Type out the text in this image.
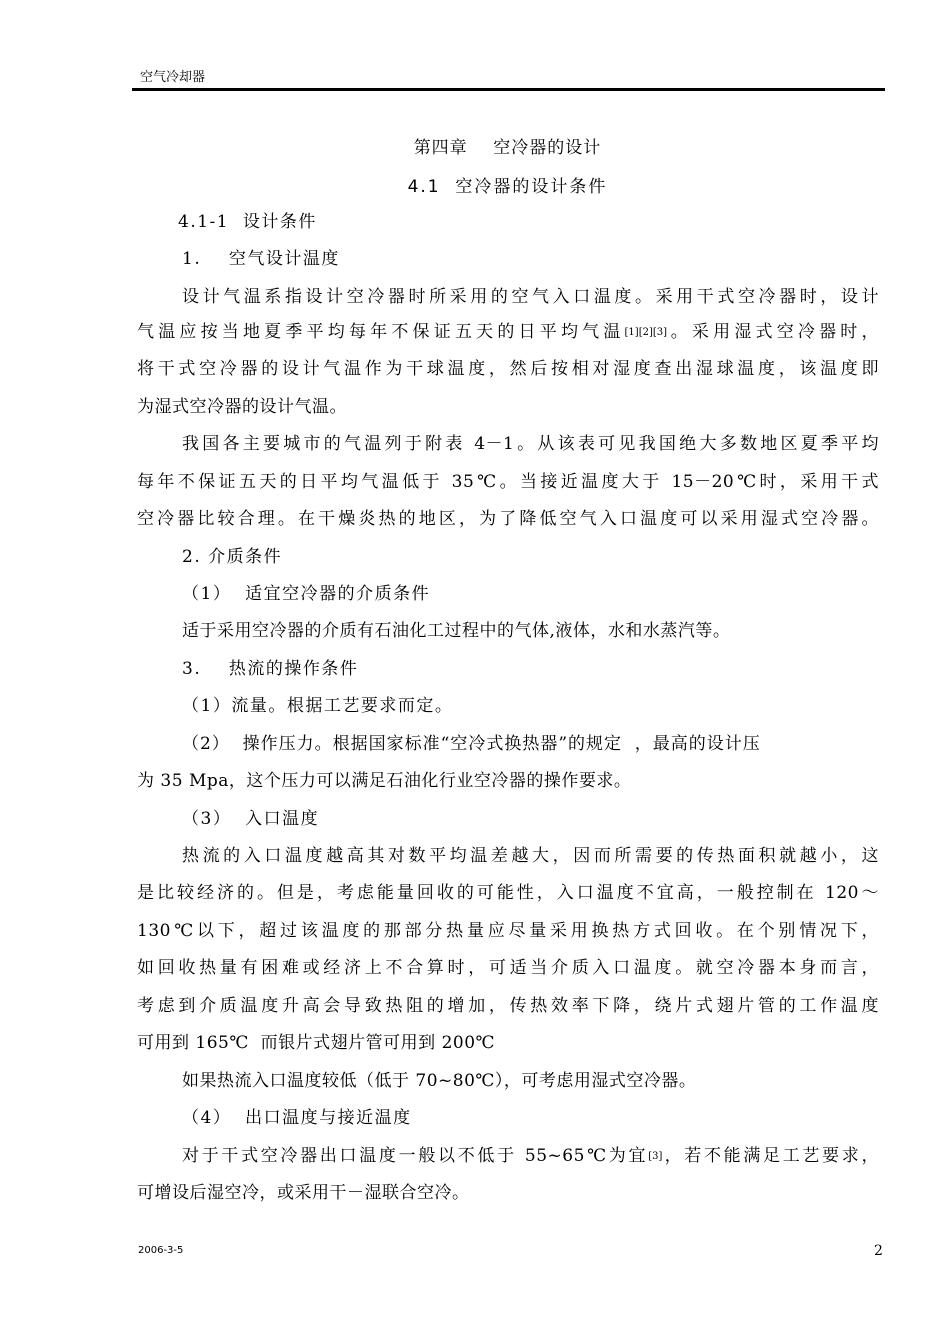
空气冷却器
第四章    空冷器的设计
4.1  空冷器的设计条件
4.1-1  设计条件
1.    空气设计温度
设计气温系指设计空冷器时所采用的空气入口温度。采用干式空冷器时，设计
气温应按当地夏季平均每年不保证五天的日平均气温[1][2][3]。采用湿式空冷器时，
将干式空冷器的设计气温作为干球温度，然后按相对湿度查出湿球温度，该温度即
为湿式空冷器的设计气温。
我国各主要城市的气温列于附表 4－1。从该表可见我国绝大多数地区夏季平均
每年不保证五天的日平均气温低于 35℃。当接近温度大于 15－20℃时，采用干式
空冷器比较合理。在干燥炎热的地区，为了降低空气入口温度可以采用湿式空冷器。
2. 介质条件
（1）  适宜空冷器的介质条件
适于采用空冷器的介质有石油化工过程中的气体,液体，水和水蒸汽等。
3.    热流的操作条件
（1）流量。根据工艺要求而定。
（2）  操作压力。根据国家标准“空冷式换热器”的规定  ，最高的设计压
为 35 Mpa，这个压力可以满足石油化行业空冷器的操作要求。
（3）  入口温度
热流的入口温度越高其对数平均温差越大，因而所需要的传热面积就越小，这
是比较经济的。但是，考虑能量回收的可能性，入口温度不宜高，一般控制在 120～
130℃以下，超过该温度的那部分热量应尽量采用换热方式回收。在个别情况下，
如回收热量有困难或经济上不合算时，可适当介质入口温度。就空冷器本身而言，
考虑到介质温度升高会导致热阻的增加，传热效率下降，绕片式翅片管的工作温度
可用到 165℃  而银片式翅片管可用到 200℃
如果热流入口温度较低（低于 70~80℃），可考虑用湿式空冷器。
（4）  出口温度与接近温度
对于干式空冷器出口温度一般以不低于 55~65℃为宜[3]，若不能满足工艺要求，
可增设后湿空冷，或采用干－湿联合空冷。
2006-3-5	2
